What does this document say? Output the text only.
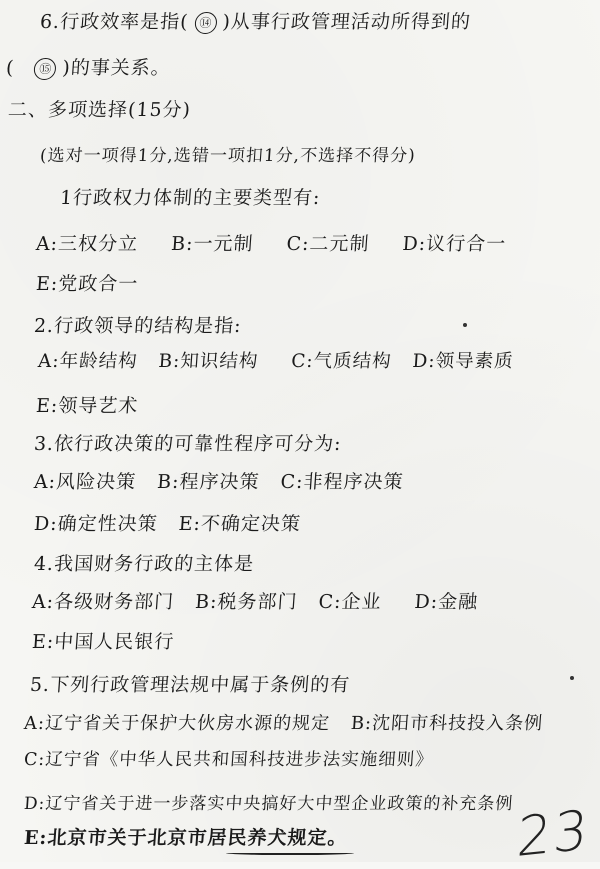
6.行政效率是指( ⑭ )从事行政管理活动所得到的
( ⑮ )的事关系。
二、多项选择(15分)
(选对一项得1分,选错一项扣1分,不选择不得分)
1行政权力体制的主要类型有:
A:三权分立 B:一元制 C:二元制 D:议行合一
E:党政合一
2.行政领导的结构是指:
A:年龄结构 B:知识结构 C:气质结构 D:领导素质
E:领导艺术
3.依行政决策的可靠性程序可分为:
A:风险决策 B:程序决策 C:非程序决策
D:确定性决策 E:不确定决策
4.我国财务行政的主体是
A:各级财务部门 B:税务部门 C:企业 D:金融
E:中国人民银行
5.下列行政管理法规中属于条例的有
A:辽宁省关于保护大伙房水源的规定 B:沈阳市科技投入条例
C:辽宁省《中华人民共和国科技进步法实施细则》
D:辽宁省关于进一步落实中央搞好大中型企业政策的补充条例
E:北京市关于北京市居民养犬规定。	23
